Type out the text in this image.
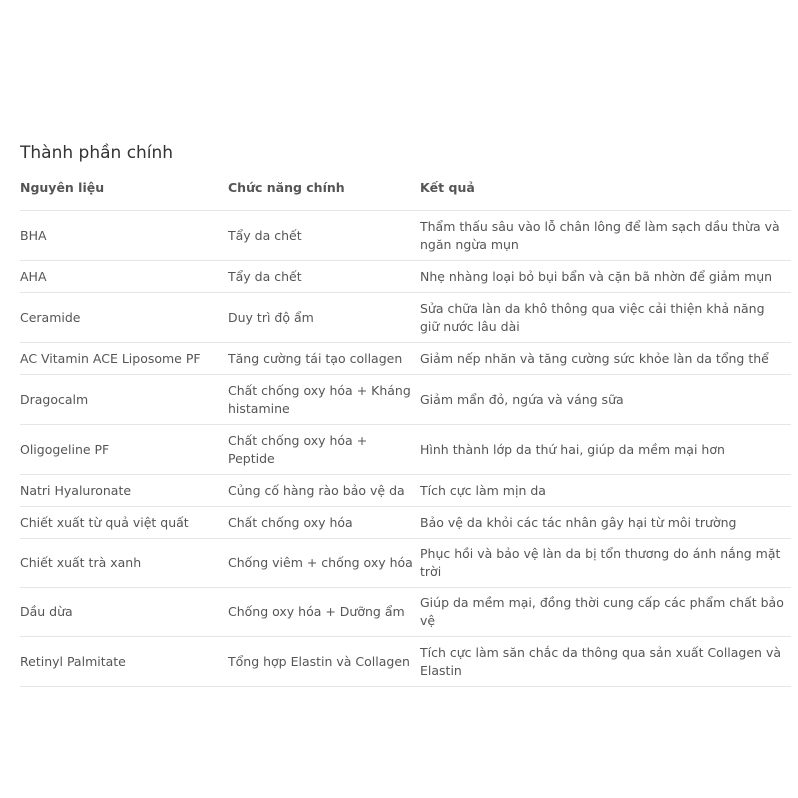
Thành phần chính
Nguyên liệu	Chức năng chính	Kết quả
BHA	Tẩy da chết	Thẩm thấu sâu vào lỗ chân lông để làm sạch dầu thừa và ngăn ngừa mụn
AHA	Tẩy da chết	Nhẹ nhàng loại bỏ bụi bẩn và cặn bã nhờn để giảm mụn
Ceramide	Duy trì độ ẩm	Sửa chữa làn da khô thông qua việc cải thiện khả năng giữ nước lâu dài
AC Vitamin ACE Liposome PF	Tăng cường tái tạo collagen	Giảm nếp nhăn và tăng cường sức khỏe làn da tổng thể
Dragocalm	Chất chống oxy hóa + Kháng histamine	Giảm mẩn đỏ, ngứa và váng sữa
Oligogeline PF	Chất chống oxy hóa + Peptide	Hình thành lớp da thứ hai, giúp da mềm mại hơn
Natri Hyaluronate	Củng cố hàng rào bảo vệ da	Tích cực làm mịn da
Chiết xuất từ quả việt quất	Chất chống oxy hóa	Bảo vệ da khỏi các tác nhân gây hại từ môi trường
Chiết xuất trà xanh	Chống viêm + chống oxy hóa	Phục hồi và bảo vệ làn da bị tổn thương do ánh nắng mặt trời
Dầu dừa	Chống oxy hóa + Dưỡng ẩm	Giúp da mềm mại, đồng thời cung cấp các phẩm chất bảo vệ
Retinyl Palmitate	Tổng hợp Elastin và Collagen	Tích cực làm săn chắc da thông qua sản xuất Collagen và Elastin
